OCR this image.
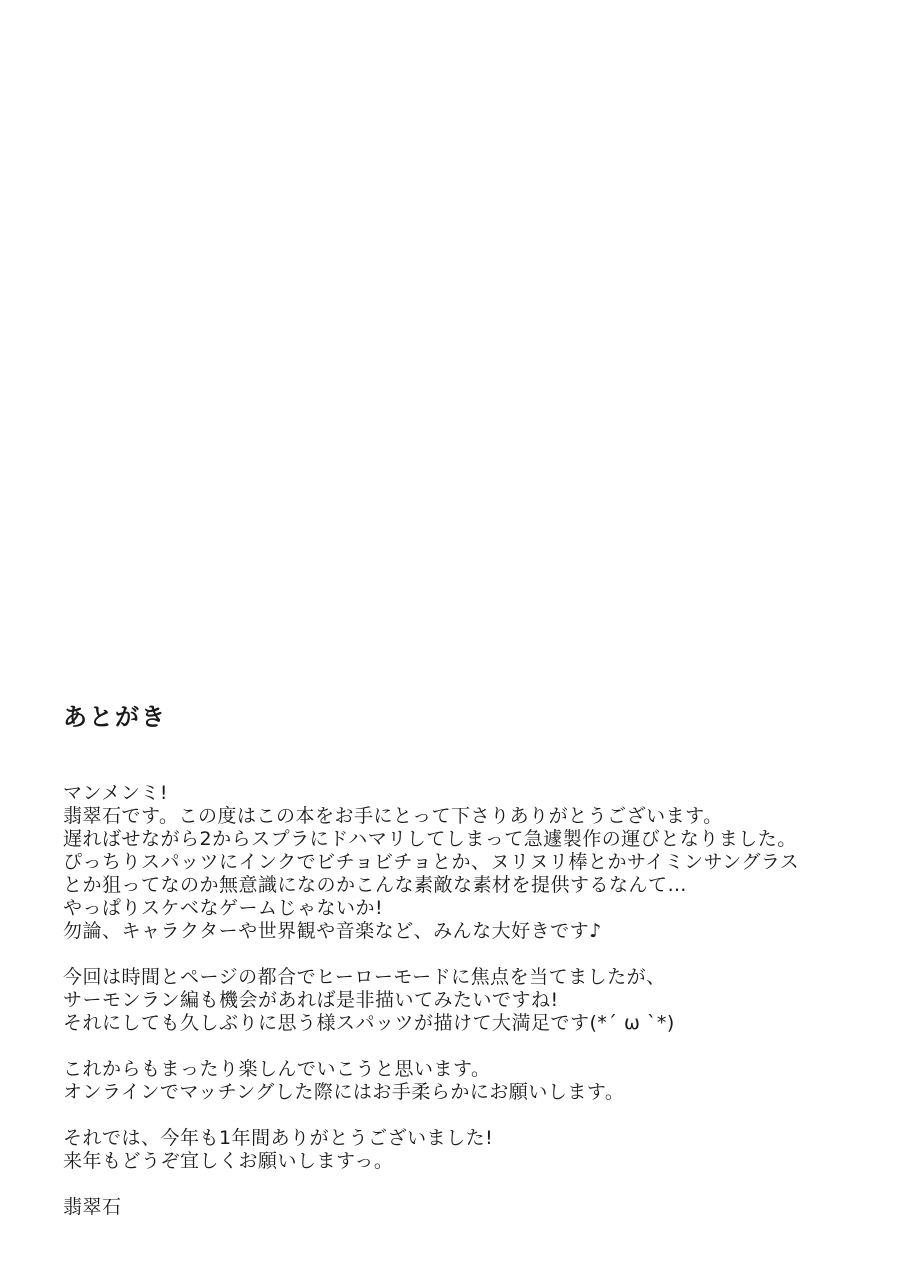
あとがき

マンメンミ!
翡翠石です。この度はこの本をお手にとって下さりありがとうございます。
遅ればせながら2からスプラにドハマリしてしまって急遽製作の運びとなりました。
ぴっちりスパッツにインクでビチョビチョとか、ヌリヌリ棒とかサイミンサングラス
とか狙ってなのか無意識になのかこんな素敵な素材を提供するなんて…
やっぱりスケベなゲームじゃないか!
勿論、キャラクターや世界観や音楽など、みんな大好きです♪

今回は時間とページの都合でヒーローモードに焦点を当てましたが、
サーモンラン編も機会があれば是非描いてみたいですね!
それにしても久しぶりに思う様スパッツが描けて大満足です(*´ ω `*)

これからもまったり楽しんでいこうと思います。
オンラインでマッチングした際にはお手柔らかにお願いします。

それでは、今年も1年間ありがとうございました!
来年もどうぞ宜しくお願いしますっ。

翡翠石
